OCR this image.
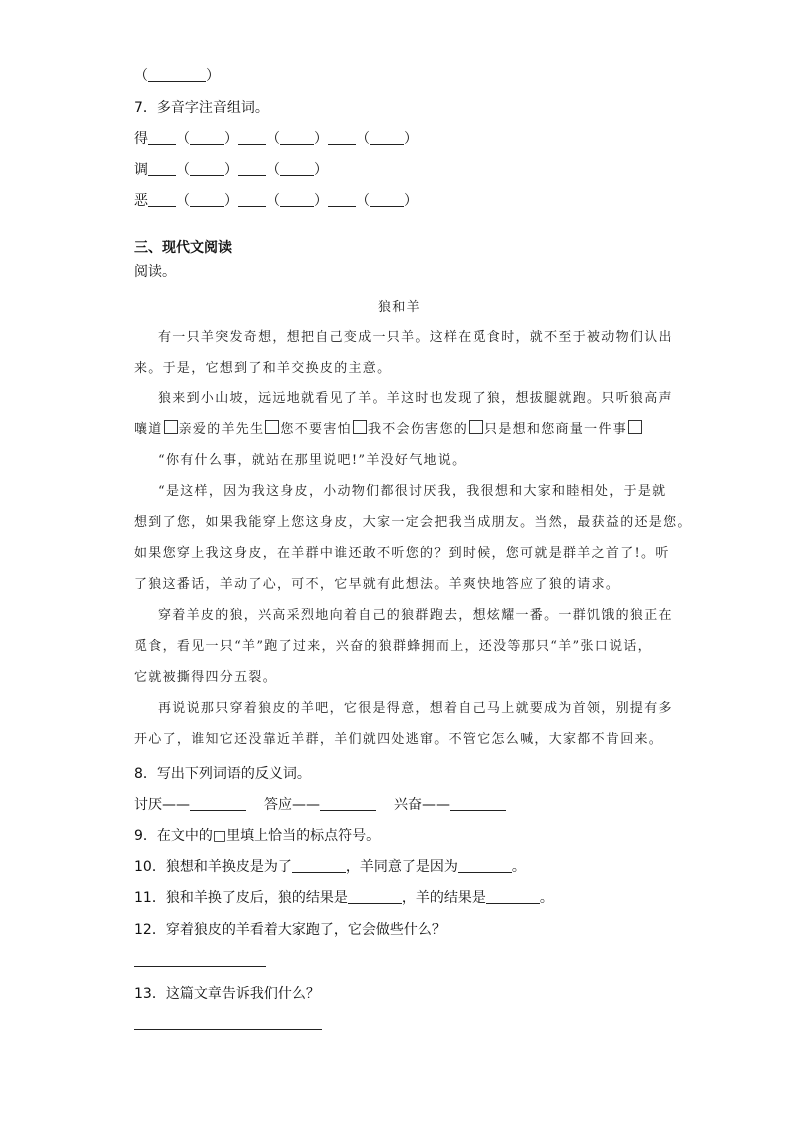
（	）
7．多音字注音组词。
得 （ ） （ ） （ ）
调 （ ） （ ）
恶 （ ） （ ） （ ）
三、现代文阅读
阅读。
狼和羊
有一只羊突发奇想，想把自己变成一只羊。这样在觅食时，就不至于被动物们认出
来。于是，它想到了和羊交换皮的主意。
狼来到小山坡，远远地就看见了羊。羊这时也发现了狼，想拔腿就跑。只听狼高声
嚷道 亲爱的羊先生 您不要害怕 我不会伤害您的 只是想和您商量一件事
“你有什么事，就站在那里说吧!”羊没好气地说。
“是这样，因为我这身皮，小动物们都很讨厌我，我很想和大家和睦相处，于是就
想到了您，如果我能穿上您这身皮，大家一定会把我当成朋友。当然，最获益的还是您。
如果您穿上我这身皮，在羊群中谁还敢不听您的？到时候，您可就是群羊之首了!。听
了狼这番话，羊动了心，可不，它早就有此想法。羊爽快地答应了狼的请求。
穿着羊皮的狼，兴高采烈地向着自己的狼群跑去，想炫耀一番。一群饥饿的狼正在
觅食，看见一只“羊”跑了过来，兴奋的狼群蜂拥而上，还没等那只“羊”张口说话，
它就被撕得四分五裂。
再说说那只穿着狼皮的羊吧，它很是得意，想着自己马上就要成为首领，别提有多
开心了，谁知它还没靠近羊群，羊们就四处逃窜。不管它怎么喊，大家都不肯回来。
8．写出下列词语的反义词。
讨厌——	答应——	兴奋——
9．在文中的□里填上恰当的标点符号。
10．狼想和羊换皮是为了	，羊同意了是因为	。
11．狼和羊换了皮后，狼的结果是	，羊的结果是	。
12．穿着狼皮的羊看着大家跑了，它会做些什么？
13．这篇文章告诉我们什么？
